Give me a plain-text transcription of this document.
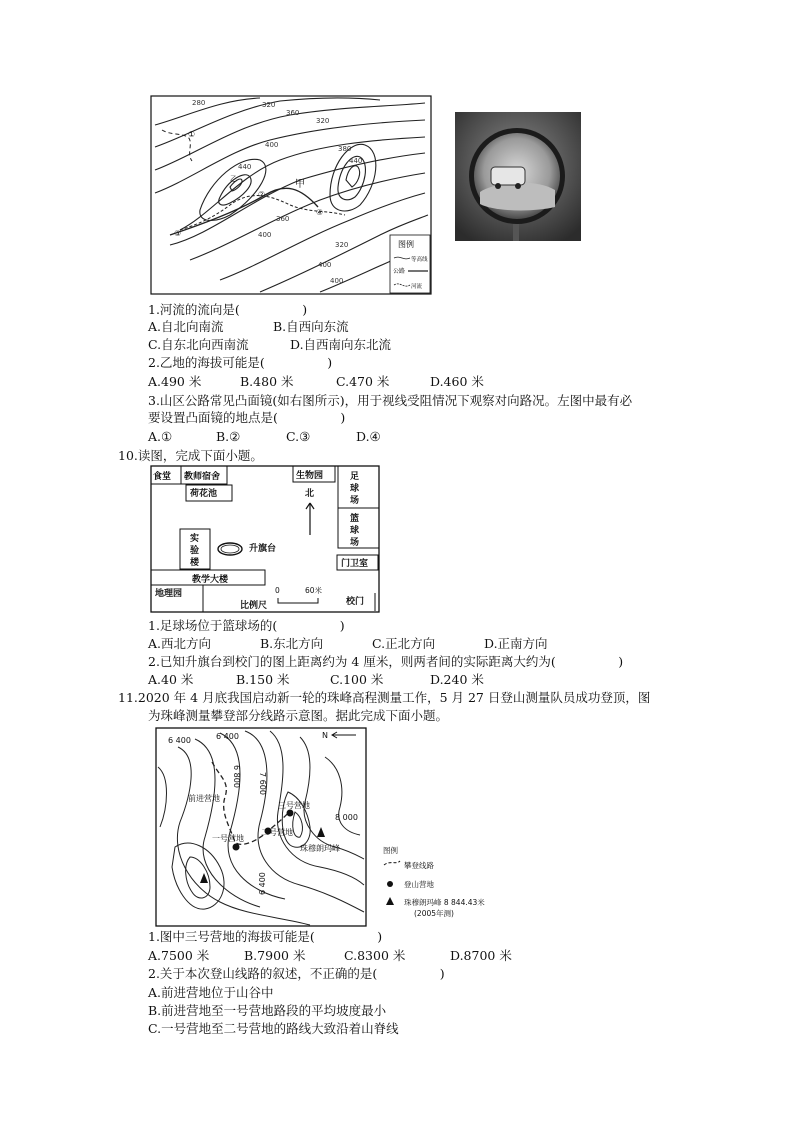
280	320
360
320
400
440
380
440
360
400
320
400
400
①
②
③
④
甲
乙
图例
等高线
公路
河流
1.河流的流向是(　　　　　)
A.自北向南流	B.自西向东流
C.自东北向西南流	D.自西南向东北流
2.乙地的海拔可能是(　　　　　)
A.490 米	B.480 米	C.470 米	D.460 米
3.山区公路常见凸面镜(如右图所示)，用于视线受阻情况下观察对向路况。左图中最有必
要设置凸面镜的地点是(　　　　　)
A.①	B.②	C.③	D.④
10.读图，完成下面小题。
食堂 教师宿舍
荷花池
生物园	足球场
篮球场
北
实验楼
升旗台
门卫室
教学大楼
地理园
比例尺	校门
0	60米
1.足球场位于篮球场的(　　　　　)
A.西北方向	B.东北方向	C.正北方向	D.正南方向
2.已知升旗台到校门的图上距离约为 4 厘米，则两者间的实际距离大约为(　　　　　)
A.40 米	B.150 米	C.100 米	D.240 米
11.2020 年 4 月底我国启动新一轮的珠峰高程测量工作，5 月 27 日登山测量队员成功登顶，图
为珠峰测量攀登部分线路示意图。据此完成下面小题。
6 400	6 400
6 800 7 600
8 000
6 400
N
前进营地
一号营地
二号营地
三号营地
珠穆朗玛峰	图例
攀登线路
登山营地
珠穆朗玛峰 8 844.43米
(2005年测)
1.图中三号营地的海拔可能是(　　　　　)
A.7500 米	B.7900 米	C.8300 米	D.8700 米
2.关于本次登山线路的叙述，不正确的是(　　　　　)
A.前进营地位于山谷中
B.前进营地至一号营地路段的平均坡度最小
C.一号营地至二号营地的路线大致沿着山脊线
